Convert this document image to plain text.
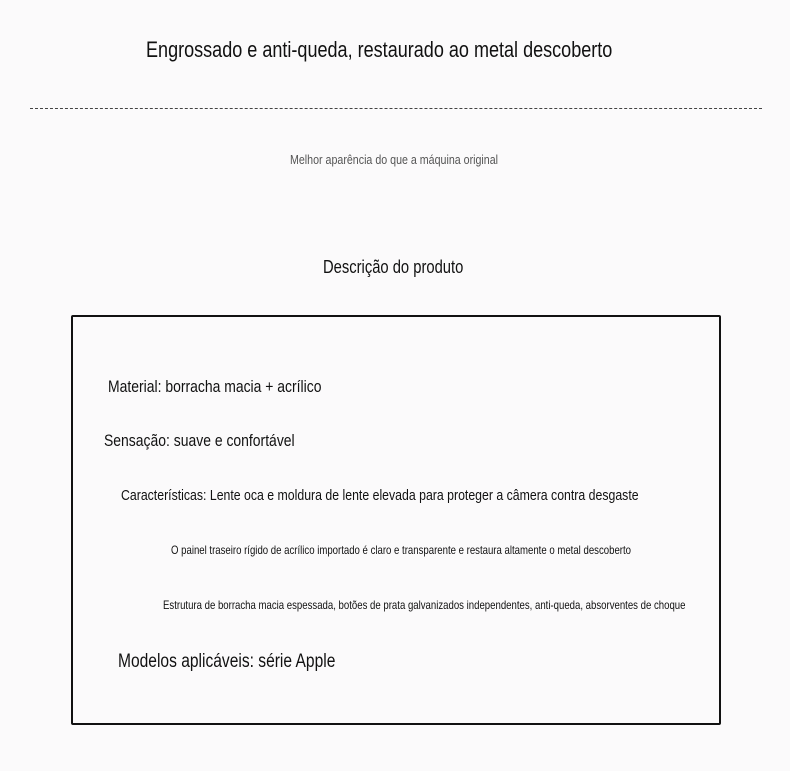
Engrossado e anti-queda, restaurado ao metal descoberto
Melhor aparência do que a máquina original
Descrição do produto
Material: borracha macia + acrílico
Sensação: suave e confortável
Características: Lente oca e moldura de lente elevada para proteger a câmera contra desgaste
O painel traseiro rígido de acrílico importado é claro e transparente e restaura altamente o metal descoberto
Estrutura de borracha macia espessada, botões de prata galvanizados independentes, anti-queda, absorventes de choque
Modelos aplicáveis: série Apple
